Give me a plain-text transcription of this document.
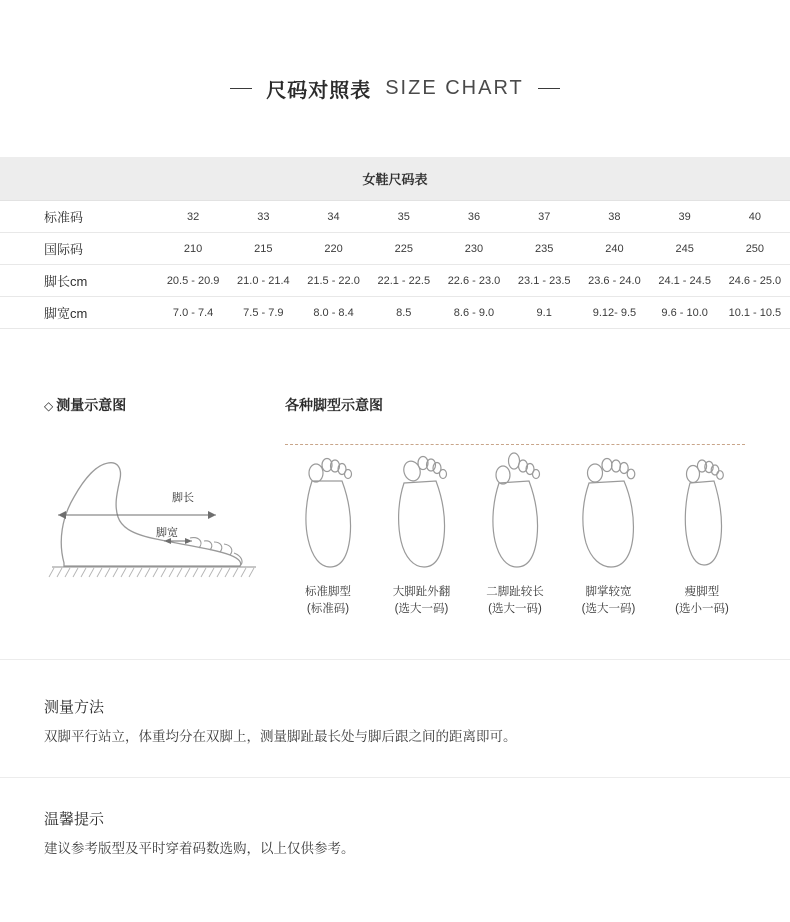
尺码对照表 SIZE CHART
女鞋尺码表
标准码	32	33	34	35	36	37	38	39	40
国际码	210	215	220	225	230	235	240	245	250
脚长cm	20.5 - 20.9	21.0 - 21.4	21.5 - 22.0	22.1 - 22.5	22.6 - 23.0	23.1 - 23.5	23.6 - 24.0	24.1 - 24.5	24.6 - 25.0
脚宽cm	7.0 - 7.4	7.5 - 7.9	8.0 - 8.4	8.5	8.6 - 9.0	9.1	9.12- 9.5	9.6 - 10.0	10.1 - 10.5
◇ 测量示意图
脚长
脚宽
各种脚型示意图
标准脚型
(标准码)
大脚趾外翻
(选大一码)
二脚趾较长
(选大一码)
脚掌较宽
(选大一码)
瘦脚型
(选小一码)

测量方法

双脚平行站立，体重均分在双脚上，测量脚趾最长处与脚后跟之间的距离即可。

温馨提示

建议参考版型及平时穿着码数选购，以上仅供参考。
